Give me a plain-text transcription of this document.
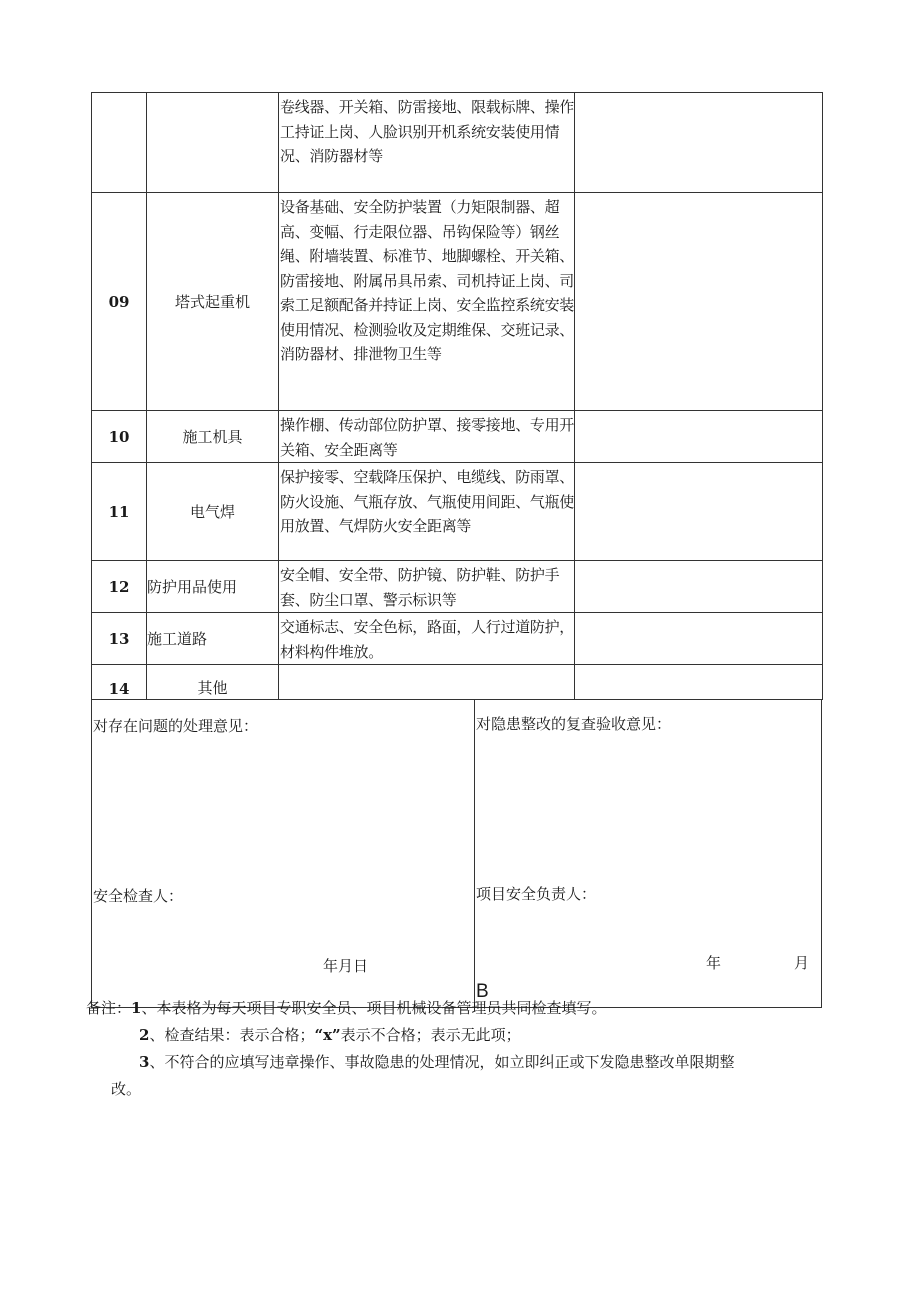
		卷线器、开关箱、防雷接地、限载标牌、操作工持证上岗、人脸识别开机系统安装使用情况、消防器材等	
09	塔式起重机	设备基础、安全防护装置（力矩限制器、超高、变幅、行走限位器、吊钩保险等）钢丝绳、附墙装置、标准节、地脚螺栓、开关箱、防雷接地、附属吊具吊索、司机持证上岗、司索工足额配备并持证上岗、安全监控系统安装使用情况、检测验收及定期维保、交班记录、消防器材、排泄物卫生等	
10	施工机具	操作棚、传动部位防护罩、接零接地、专用开关箱、安全距离等	
11	电气焊	保护接零、空载降压保护、电缆线、防雨罩、防火设施、气瓶存放、气瓶使用间距、气瓶使用放置、气焊防火安全距离等	
12	防护用品使用	安全帽、安全带、防护镜、防护鞋、防护手套、防尘口罩、警示标识等	
13	施工道路	交通标志、安全色标，路面，人行过道防护，材料构件堆放。	
14	其他		
对存在问题的处理意见：
安全检查人：
年月日
对隐患整改的复查验收意见：
项目安全负责人：
年	月
B
备注：1、本表格为每天项目专职安全员、项目机械设备管理员共同检查填写。
2、检查结果：表示合格；“x”表示不合格；表示无此项；
3、不符合的应填写违章操作、事故隐患的处理情况，如立即纠正或下发隐患整改单限期整
改。
